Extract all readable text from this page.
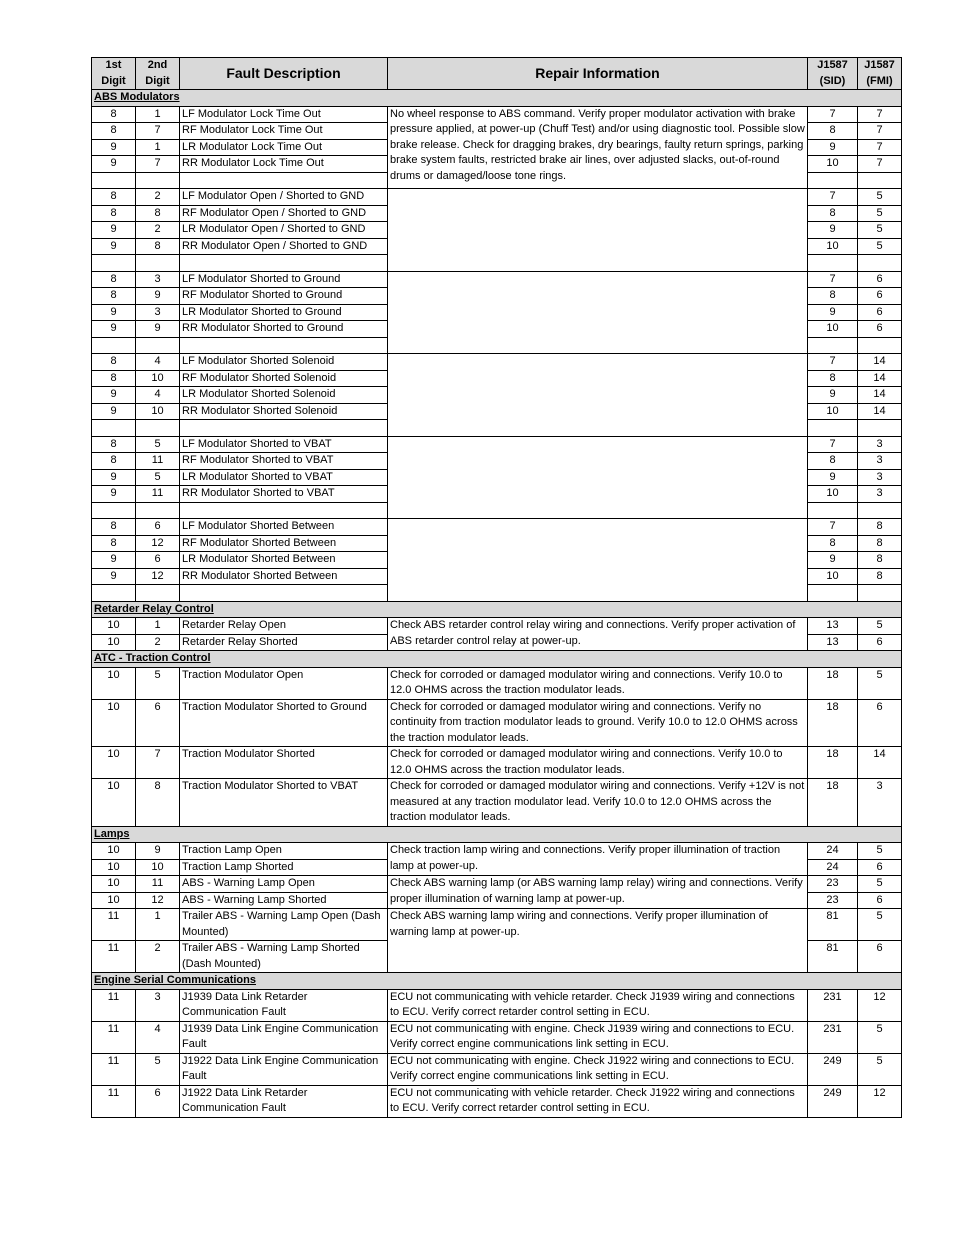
1st Digit	2nd Digit	Fault Description	Repair Information	J1587 (SID)	J1587 (FMI)
ABS Modulators					
8	1	LF Modulator Lock Time Out	No wheel response to ABS command. Verify proper modulator activation with brake pressure applied, at power-up (Chuff Test) and/or using diagnostic tool. Possible slow brake release. Check for dragging brakes, dry bearings, faulty return springs, parking brake system faults, restricted brake air lines, over adjusted slacks, out-of-round drums or damaged/loose tone rings.	7	7
8	7	RF Modulator Lock Time Out		8	7
9	1	LR Modulator Lock Time Out		9	7
9	7	RR Modulator Lock Time Out		10	7

8	2	LF Modulator Open / Shorted to GND		7	5
8	8	RF Modulator Open / Shorted to GND		8	5
9	2	LR Modulator Open / Shorted to GND		9	5
9	8	RR Modulator Open / Shorted to GND		10	5

8	3	LF Modulator Shorted to Ground		7	6
8	9	RF Modulator Shorted to Ground		8	6
9	3	LR Modulator Shorted to Ground		9	6
9	9	RR Modulator Shorted to Ground		10	6

8	4	LF Modulator Shorted Solenoid		7	14
8	10	RF Modulator Shorted Solenoid		8	14
9	4	LR Modulator Shorted Solenoid		9	14
9	10	RR Modulator Shorted Solenoid		10	14

8	5	LF Modulator Shorted to VBAT		7	3
8	11	RF Modulator Shorted to VBAT		8	3
9	5	LR Modulator Shorted to VBAT		9	3
9	11	RR Modulator Shorted to VBAT		10	3

8	6	LF Modulator Shorted Between		7	8
8	12	RF Modulator Shorted Between		8	8
9	6	LR Modulator Shorted Between		9	8
9	12	RR Modulator Shorted Between		10	8

Retarder Relay Control					
10	1	Retarder Relay Open	Check ABS retarder control relay wiring and connections. Verify proper activation of ABS retarder control relay at power-up.	13	5
10	2	Retarder Relay Shorted		13	6
ATC - Traction Control					
10	5	Traction Modulator Open	Check for corroded or damaged modulator wiring and connections. Verify 10.0 to 12.0 OHMS across the traction modulator leads.	18	5
10	6	Traction Modulator Shorted to Ground	Check for corroded or damaged modulator wiring and connections. Verify no continuity from traction modulator leads to ground. Verify 10.0 to 12.0 OHMS across the traction modulator leads.	18	6
10	7	Traction Modulator Shorted	Check for corroded or damaged modulator wiring and connections. Verify 10.0 to 12.0 OHMS across the traction modulator leads.	18	14
10	8	Traction Modulator Shorted to VBAT	Check for corroded or damaged modulator wiring and connections. Verify +12V is not measured at any traction modulator lead. Verify 10.0 to 12.0 OHMS across the traction modulator leads.	18	3
Lamps					
10	9	Traction Lamp Open	Check traction lamp wiring and connections. Verify proper illumination of traction lamp at power-up.	24	5
10	10	Traction Lamp Shorted		24	6
10	11	ABS - Warning Lamp Open	Check ABS warning lamp (or ABS warning lamp relay) wiring and connections. Verify proper illumination of warning lamp at power-up.	23	5
10	12	ABS - Warning Lamp Shorted		23	6
11	1	Trailer ABS - Warning Lamp Open (Dash Mounted)	Check ABS warning lamp wiring and connections. Verify proper illumination of warning lamp at power-up.	81	5
11	2	Trailer ABS - Warning Lamp Shorted (Dash Mounted)		81	6
Engine Serial Communications					
11	3	J1939 Data Link Retarder Communication Fault	ECU not communicating with vehicle retarder. Check J1939 wiring and connections to ECU. Verify correct retarder control setting in ECU.	231	12
11	4	J1939 Data Link Engine Communication Fault	ECU not communicating with engine. Check J1939 wiring and connections to ECU. Verify correct engine communications link setting in ECU.	231	5
11	5	J1922 Data Link Engine Communication Fault	ECU not communicating with engine. Check J1922 wiring and connections to ECU. Verify correct engine communications link setting in ECU.	249	5
11	6	J1922 Data Link Retarder Communication Fault	ECU not communicating with vehicle retarder. Check J1922 wiring and connections to ECU. Verify correct retarder control setting in ECU.	249	12
